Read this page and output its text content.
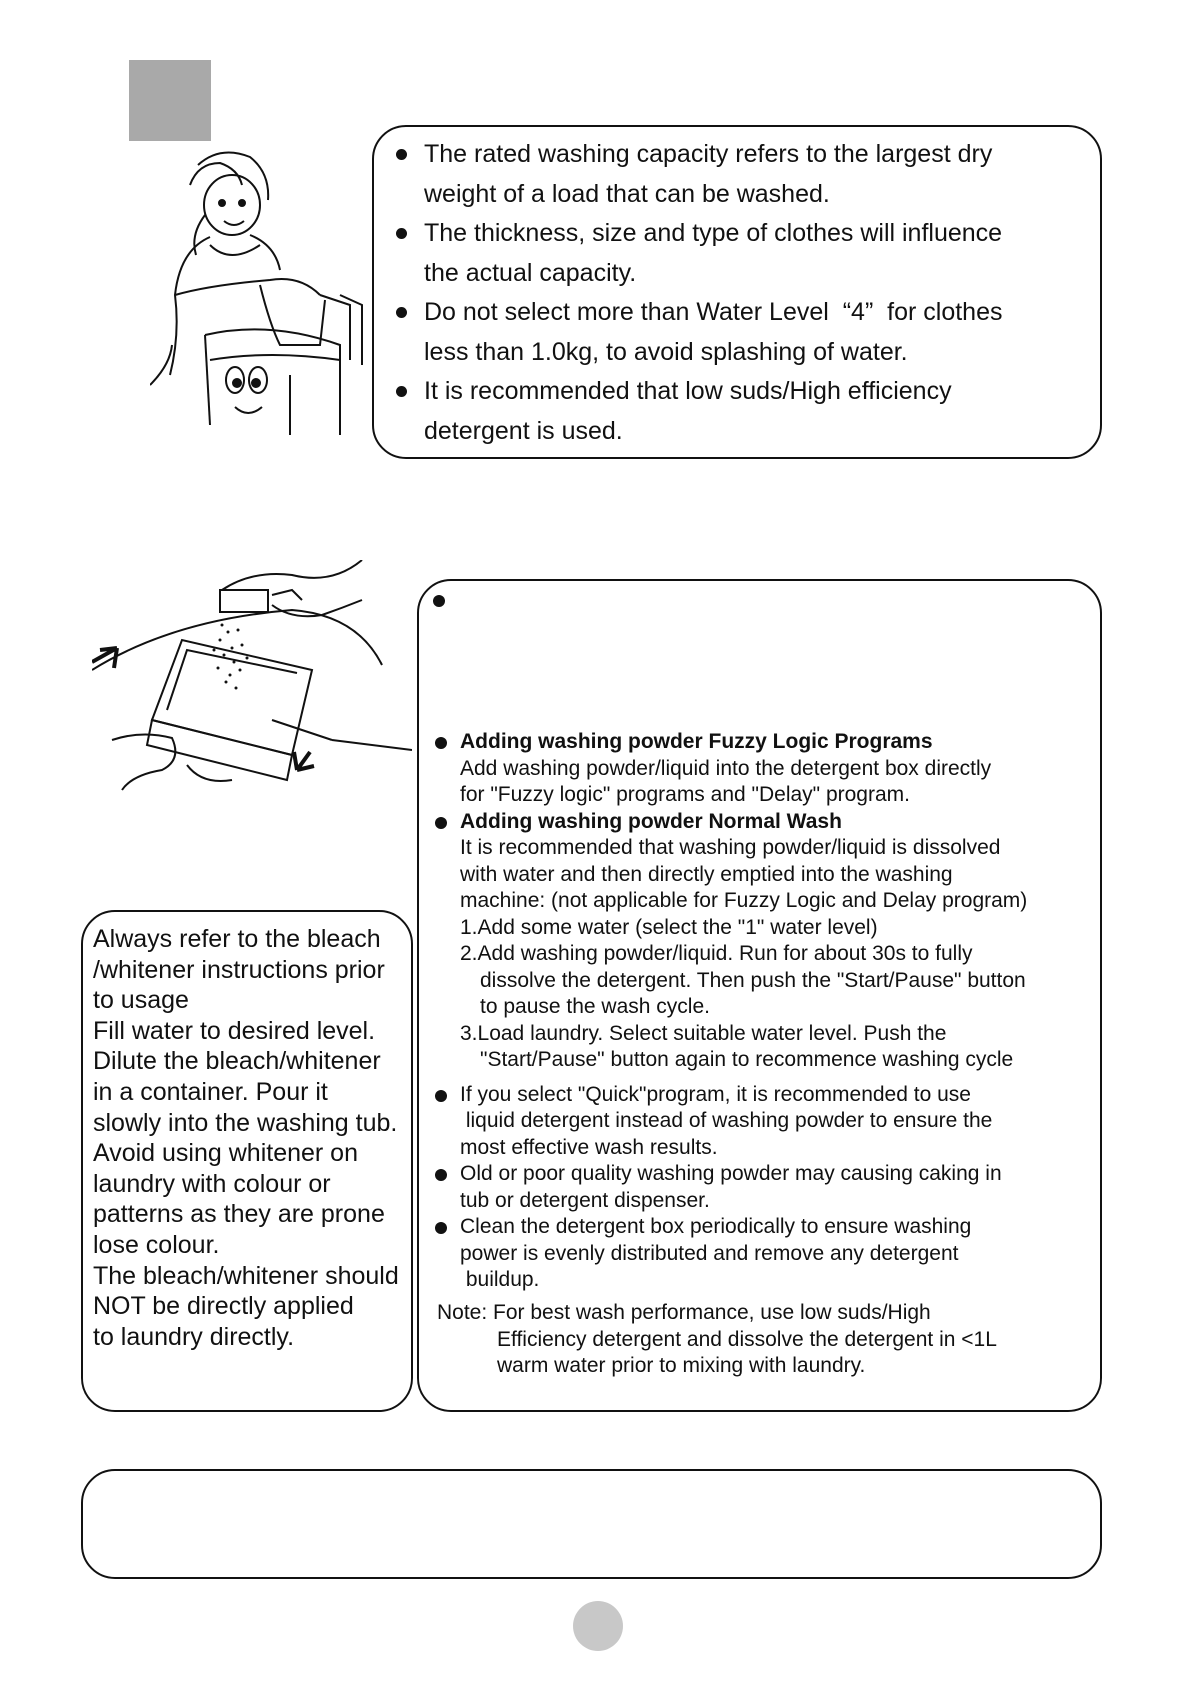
The rated washing capacity refers to the largest dry
weight of a load that can be washed.
The thickness, size and type of clothes will influence
the actual capacity.
Do not select more than Water Level  “4”  for clothes
less than 1.0kg, to avoid splashing of water.
It is recommended that low suds/High efficiency
detergent is used.
Adding washing powder Fuzzy Logic Programs
Add washing powder/liquid into the detergent box directly
for "Fuzzy logic" programs and "Delay" program.
Adding washing powder Normal Wash
It is recommended that washing powder/liquid is dissolved
with water and then directly emptied into the washing
machine: (not applicable for Fuzzy Logic and Delay program)
1.Add some water (select the "1" water level)
2.Add washing powder/liquid. Run for about 30s to fully
dissolve the detergent. Then push the "Start/Pause" button
to pause the wash cycle.
3.Load laundry. Select suitable water level. Push the
"Start/Pause" button again to recommence washing cycle
If you select "Quick"program, it is recommended to use
liquid detergent instead of washing powder to ensure the
most effective wash results.
Old or poor quality washing powder may causing caking in
tub or detergent dispenser.
Clean the detergent box periodically to ensure washing
power is evenly distributed and remove any detergent
buildup.
Note: For best wash performance, use low suds/High
Efficiency detergent and dissolve the detergent in <1L
warm water prior to mixing with laundry.
Always refer to the bleach
/whitener instructions prior
to usage
Fill water to desired level.
Dilute the bleach/whitener
in a container. Pour it
slowly into the washing tub.
Avoid using whitener on
laundry with colour or
patterns as they are prone
lose colour.
The bleach/whitener should
NOT be directly applied
to laundry directly.
